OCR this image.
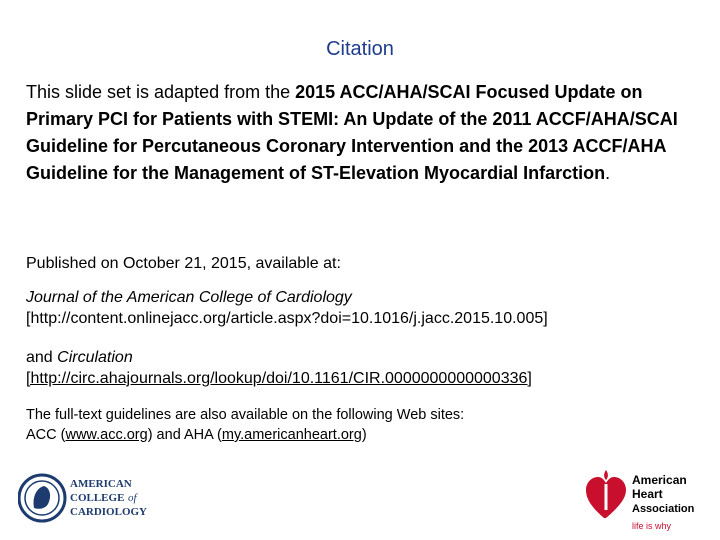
Citation

This slide set is adapted from the 2015 ACC/AHA/SCAI Focused Update on Primary PCI for Patients with STEMI: An Update of the 2011 ACCF/AHA/SCAI Guideline for Percutaneous Coronary Intervention and the 2013 ACCF/AHA Guideline for the Management of ST-Elevation Myocardial Infarction.

Published on October 21, 2015, available at:

Journal of the American College of Cardiology
[http://content.onlinejacc.org/article.aspx?doi=10.1016/j.jacc.2015.10.005]

and Circulation
[http://circ.ahajournals.org/lookup/doi/10.1161/CIR.0000000000000336]

The full-text guidelines are also available on the following Web sites:
ACC (www.acc.org) and AHA (my.americanheart.org)

AMERICAN
COLLEGE of
CARDIOLOGY
American
Heart
Association
life is why
